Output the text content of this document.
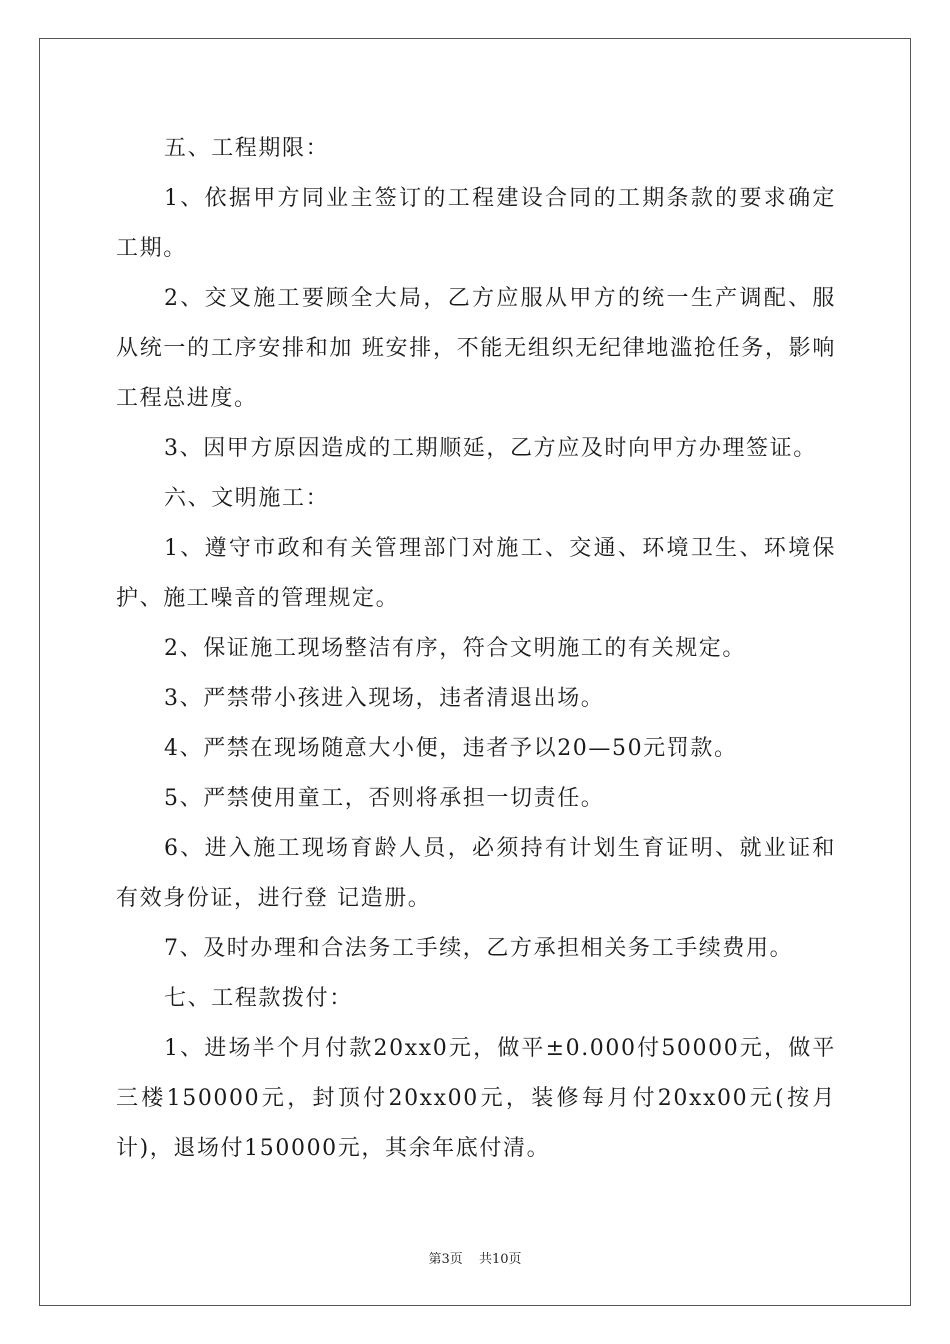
五、工程期限：

1、依据甲方同业主签订的工程建设合同的工期条款的要求确定工期。

2、交叉施工要顾全大局，乙方应服从甲方的统一生产调配、服从统一的工序安排和加 班安排，不能无组织无纪律地滥抢任务，影响工程总进度。

3、因甲方原因造成的工期顺延，乙方应及时向甲方办理签证。

六、文明施工：

1、遵守市政和有关管理部门对施工、交通、环境卫生、环境保护、施工噪音的管理规定。

2、保证施工现场整洁有序，符合文明施工的有关规定。

3、严禁带小孩进入现场，违者清退出场。

4、严禁在现场随意大小便，违者予以20—50元罚款。

5、严禁使用童工，否则将承担一切责任。

6、进入施工现场育龄人员，必须持有计划生育证明、就业证和有效身份证，进行登 记造册。

7、及时办理和合法务工手续，乙方承担相关务工手续费用。

七、工程款拨付：

1、进场半个月付款20xx0元，做平±0.000付50000元，做平三楼150000元，封顶付20xx00元，装修每月付20xx00元(按月计)，退场付150000元，其余年底付清。

第3页 共10页
